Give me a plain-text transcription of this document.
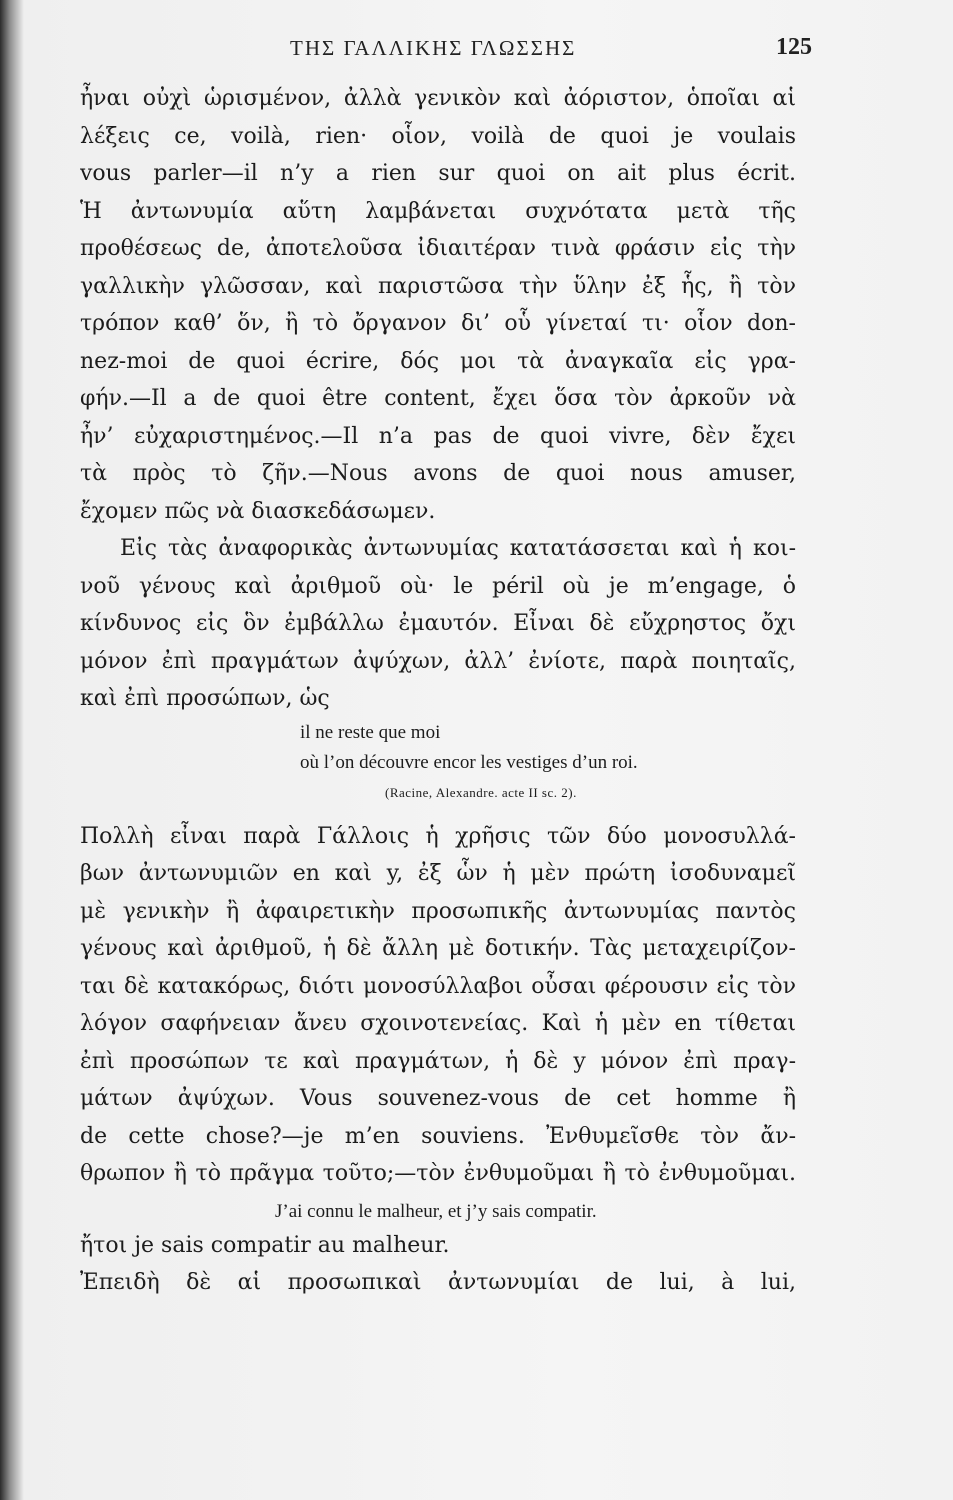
ΤΗΣ ΓΑΛΛΙΚΗΣ ΓΛΩΣΣΗΣ	125
ἦναι οὐχὶ ὡρισμένον, ἀλλὰ γενικὸν καὶ ἀόριστον, ὁποῖαι αἱ
λέξεις ce, voilà, rien· οἷον, voilà de quoi je voulais
vous parler—il n’y a rien sur quoi on ait plus écrit.
Ἡ ἀντωνυμία αὕτη λαμβάνεται συχνότατα μετὰ τῆς
προθέσεως de, ἀποτελοῦσα ἰδιαιτέραν τινὰ φράσιν εἰς τὴν
γαλλικὴν γλῶσσαν, καὶ παριστῶσα τὴν ὕλην ἐξ ἧς, ἢ τὸν
τρόπον καθ’ ὅν, ἢ τὸ ὄργανον δι’ οὗ γίνεταί τι· οἷον don-
nez-moi de quoi écrire, δός μοι τὰ ἀναγκαῖα εἰς γρα-
φήν.—Il a de quoi être content, ἔχει ὅσα τὸν ἀρκοῦν νὰ
ἦν’ εὐχαριστημένος.—Il n’a pas de quoi vivre, δὲν ἔχει
τὰ πρὸς τὸ ζῆν.—Nous avons de quoi nous amuser,
ἔχομεν πῶς νὰ διασκεδάσωμεν.
Εἰς τὰς ἀναφορικὰς ἀντωνυμίας κατατάσσεται καὶ ἡ κοι-
νοῦ γένους καὶ ἀριθμοῦ où· le péril où je m’engage, ὁ
κίνδυνος εἰς ὃν ἐμβάλλω ἐμαυτόν. Εἶναι δὲ εὔχρηστος ὄχι
μόνον ἐπὶ πραγμάτων ἀψύχων, ἀλλ’ ἐνίοτε, παρὰ ποιηταῖς,
καὶ ἐπὶ προσώπων, ὡς
il ne reste que moi
où l’on découvre encor les vestiges d’un roi.
(Racine, Alexandre. acte II sc. 2).
Πολλὴ εἶναι παρὰ Γάλλοις ἡ χρῆσις τῶν δύο μονοσυλλά-
βων ἀντωνυμιῶν en καὶ y, ἐξ ὧν ἡ μὲν πρώτη ἰσοδυναμεῖ
μὲ γενικὴν ἢ ἀφαιρετικὴν προσωπικῆς ἀντωνυμίας παντὸς
γένους καὶ ἀριθμοῦ, ἡ δὲ ἄλλη μὲ δοτικήν. Τὰς μεταχειρίζον-
ται δὲ κατακόρως, διότι μονοσύλλαβοι οὖσαι φέρουσιν εἰς τὸν
λόγον σαφήνειαν ἄνευ σχοινοτενείας. Καὶ ἡ μὲν en τίθεται
ἐπὶ προσώπων τε καὶ πραγμάτων, ἡ δὲ y μόνον ἐπὶ πραγ-
μάτων ἀψύχων. Vous souvenez-vous de cet homme ἢ
de cette chose?—je m’en souviens. Ἐνθυμεῖσθε τὸν ἄν-
θρωπον ἢ τὸ πρᾶγμα τοῦτο;—τὸν ἐνθυμοῦμαι ἢ τὸ ἐνθυμοῦμαι.
J’ai connu le malheur, et j’y sais compatir.
ἤτοι je sais compatir au malheur.
Ἐπειδὴ δὲ αἱ προσωπικαὶ ἀντωνυμίαι de lui, à lui,
